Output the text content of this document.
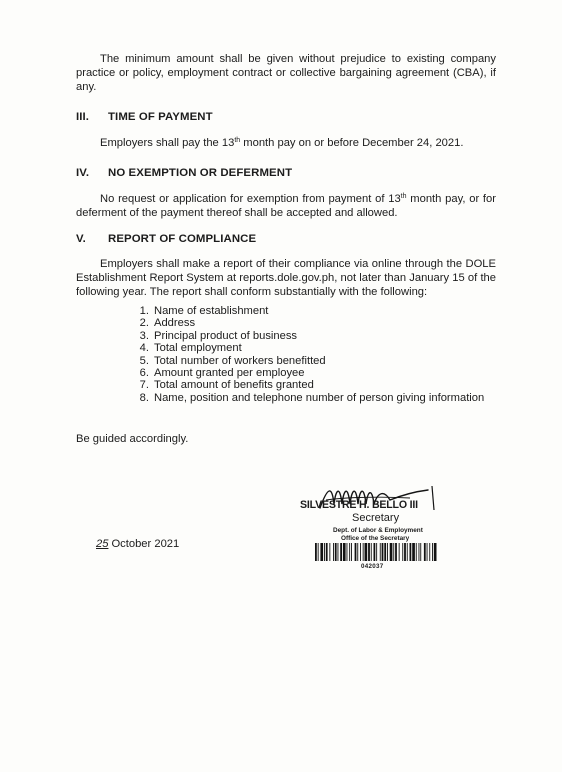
The minimum amount shall be given without prejudice to existing company practice or policy, employment contract or collective bargaining agreement (CBA), if any.

III. TIME OF PAYMENT

Employers shall pay the 13th month pay on or before December 24, 2021.

IV. NO EXEMPTION OR DEFERMENT

No request or application for exemption from payment of 13th month pay, or for deferment of the payment thereof shall be accepted and allowed.

V. REPORT OF COMPLIANCE

Employers shall make a report of their compliance via online through the DOLE Establishment Report System at reports.dole.gov.ph, not later than January 15 of the following year. The report shall conform substantially with the following:

1. Name of establishment
2. Address
3. Principal product of business
4. Total employment
5. Total number of workers benefitted
6. Amount granted per employee
7. Total amount of benefits granted
8. Name, position and telephone number of person giving information

Be guided accordingly.

SILVESTRE H. BELLO III
Secretary
25 October 2021
Dept. of Labor & Employment
Office of the Secretary
042037
